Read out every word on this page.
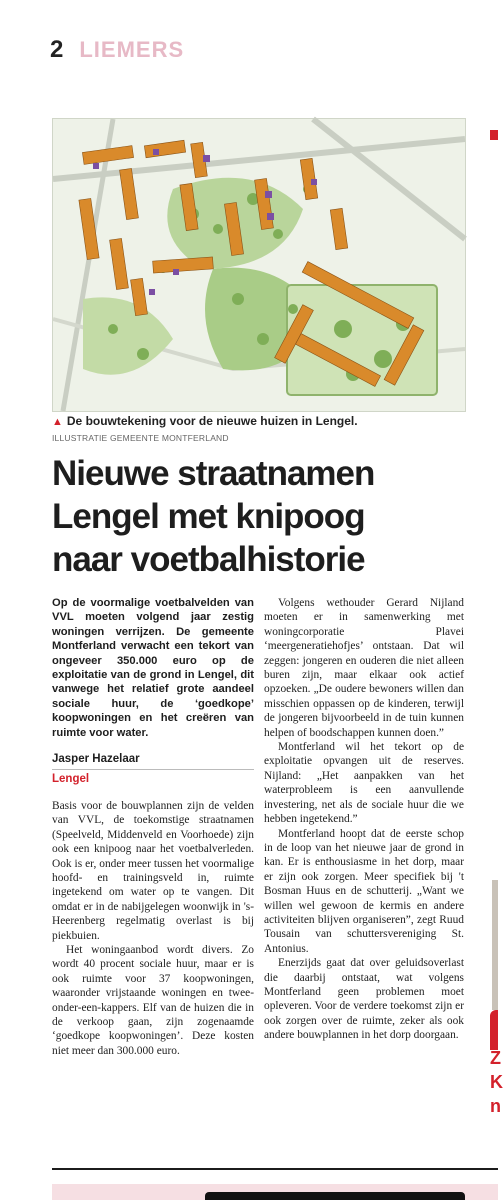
2 LIEMERS
▲ De bouwtekening voor de nieuwe huizen in Lengel.
ILLUSTRATIE GEMEENTE MONTFERLAND
Nieuwe straatnamen
Lengel met knipoog
naar voetbalhistorie

Op de voormalige voetbalvelden van VVL moeten volgend jaar zestig woningen verrijzen. De gemeente Montferland verwacht een tekort van ongeveer 350.000 euro op de exploitatie van de grond in Lengel, dit vanwege het relatief grote aandeel sociale huur, de ‘goedkope’ koopwoningen en het creëren van ruimte voor water.

Jasper Hazelaar
Lengel

Basis voor de bouwplannen zijn de velden van VVL, de toekomstige straatnamen (Speelveld, Middenveld en Voorhoede) zijn ook een knipoog naar het voetbalverleden. Ook is er, onder meer tussen het voormalige hoofd- en trainingsveld in, ruimte ingetekend om water op te vangen. Dit omdat er in de nabijgelegen woonwijk in 's-Heerenberg regelmatig overlast is bij piekbuien.

Het woningaanbod wordt divers. Zo wordt 40 procent sociale huur, maar er is ook ruimte voor 37 koopwoningen, waaronder vrijstaande woningen en twee-onder-een-kappers. Elf van de huizen die in de verkoop gaan, zijn zogenaamde ‘goedkope koopwoningen’. Deze kosten niet meer dan 300.000 euro.

Volgens wethouder Gerard Nijland moeten er in samenwerking met woningcorporatie Plavei ‘meergeneratiehofjes’ ontstaan. Dat wil zeggen: jongeren en ouderen die niet alleen buren zijn, maar elkaar ook actief opzoeken. „De oudere bewoners willen dan misschien oppassen op de kinderen, terwijl de jongeren bijvoorbeeld in de tuin kunnen helpen of boodschappen kunnen doen.”

Montferland wil het tekort op de exploitatie opvangen uit de reserves. Nijland: „Het aanpakken van het waterprobleem is een aanvullende investering, net als de sociale huur die we hebben ingetekend.”

Montferland hoopt dat de eerste schop in de loop van het nieuwe jaar de grond in kan. Er is enthousiasme in het dorp, maar er zijn ook zorgen. Meer specifiek bij 't Bosman Huus en de schutterij. „Want we willen wel gewoon de kermis en andere activiteiten blijven organiseren”, zegt Ruud Tousain van schuttersvereniging St. Antonius.

Enerzijds gaat dat over geluidsoverlast die daarbij ontstaat, wat volgens Montferland geen problemen moet opleveren. Voor de verdere toekomst zijn er ook zorgen over de ruimte, zeker als ook andere bouwplannen in het dorp doorgaan.

Z
K
n
